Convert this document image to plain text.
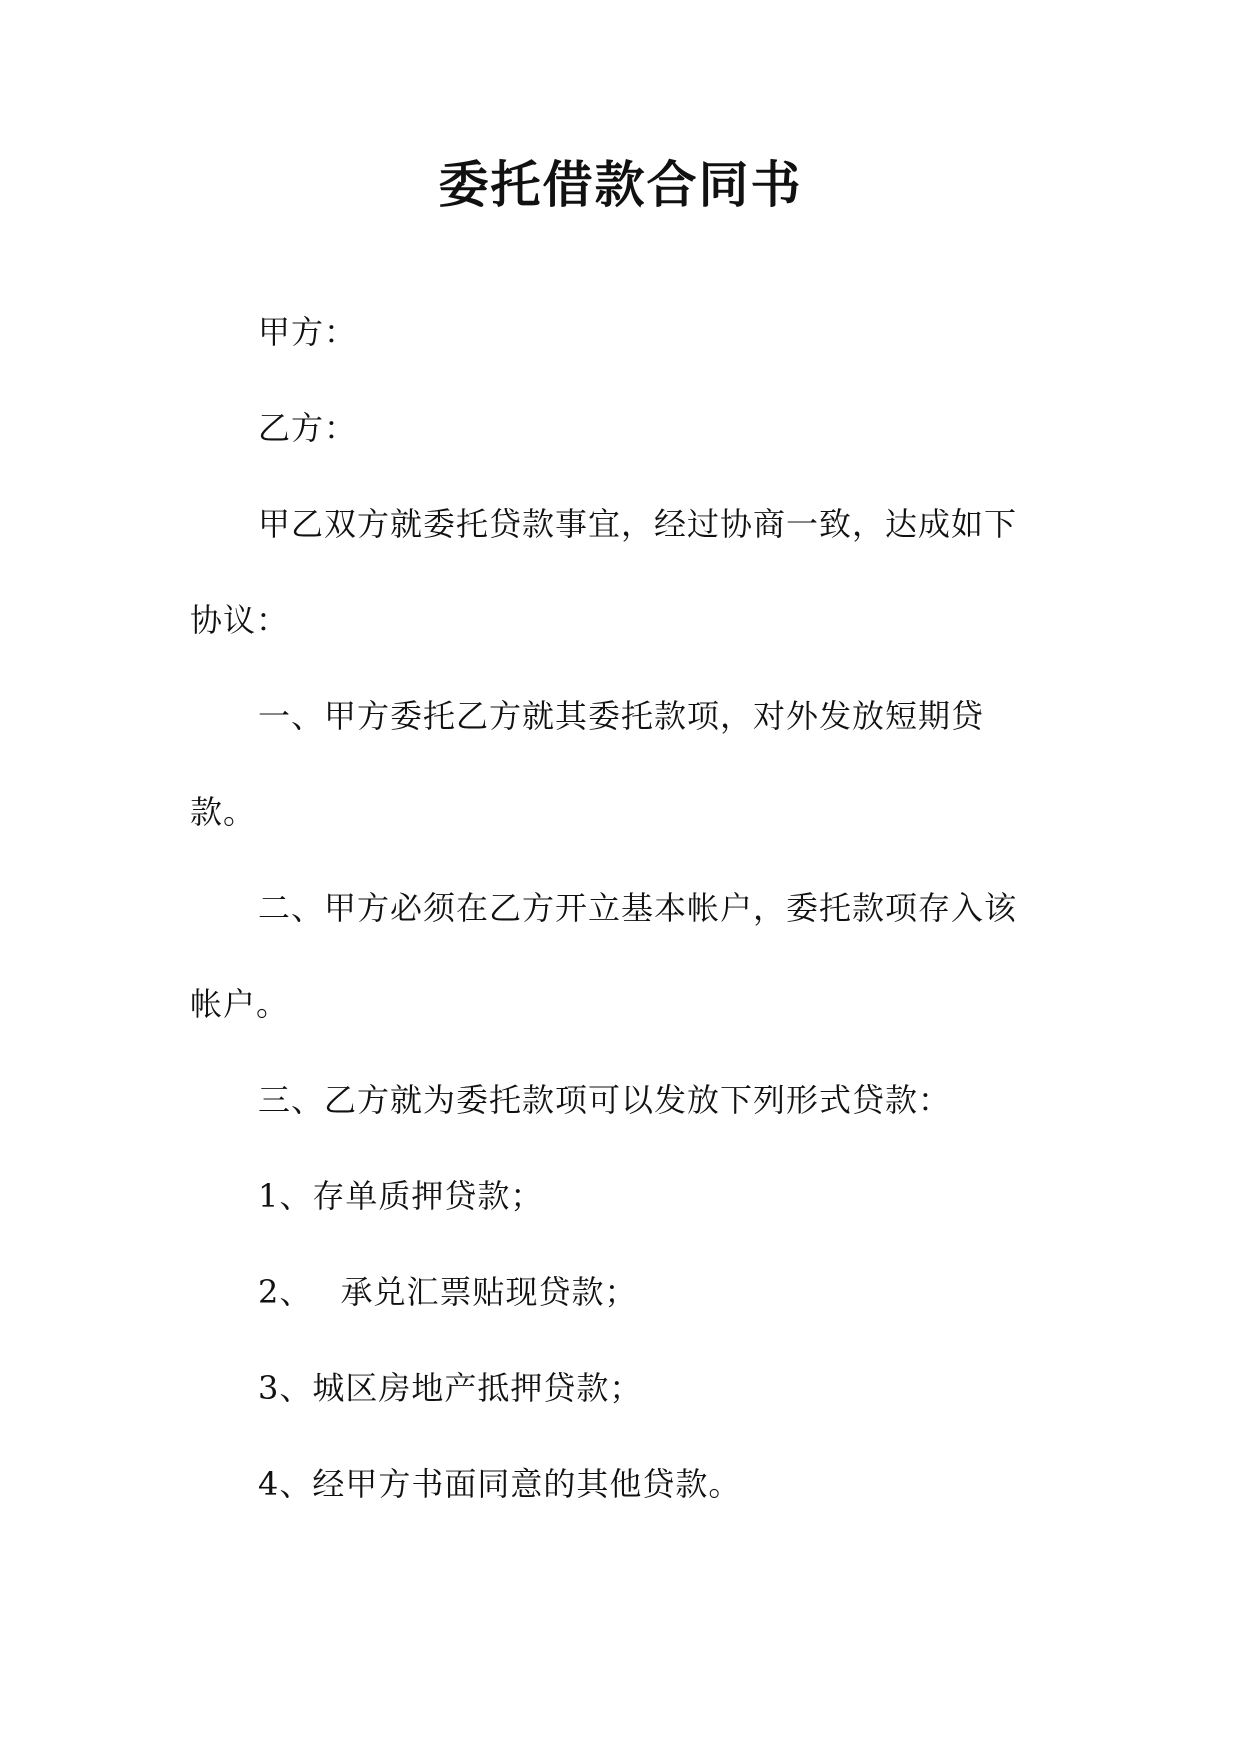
委托借款合同书
甲方：
乙方：
甲乙双方就委托贷款事宜，经过协商一致，达成如下
协议：
一、甲方委托乙方就其委托款项，对外发放短期贷
款。
二、甲方必须在乙方开立基本帐户，委托款项存入该
帐户。
三、乙方就为委托款项可以发放下列形式贷款：
1、存单质押贷款；
2、　 承兑汇票贴现贷款；
3、城区房地产抵押贷款；
4、经甲方书面同意的其他贷款。
